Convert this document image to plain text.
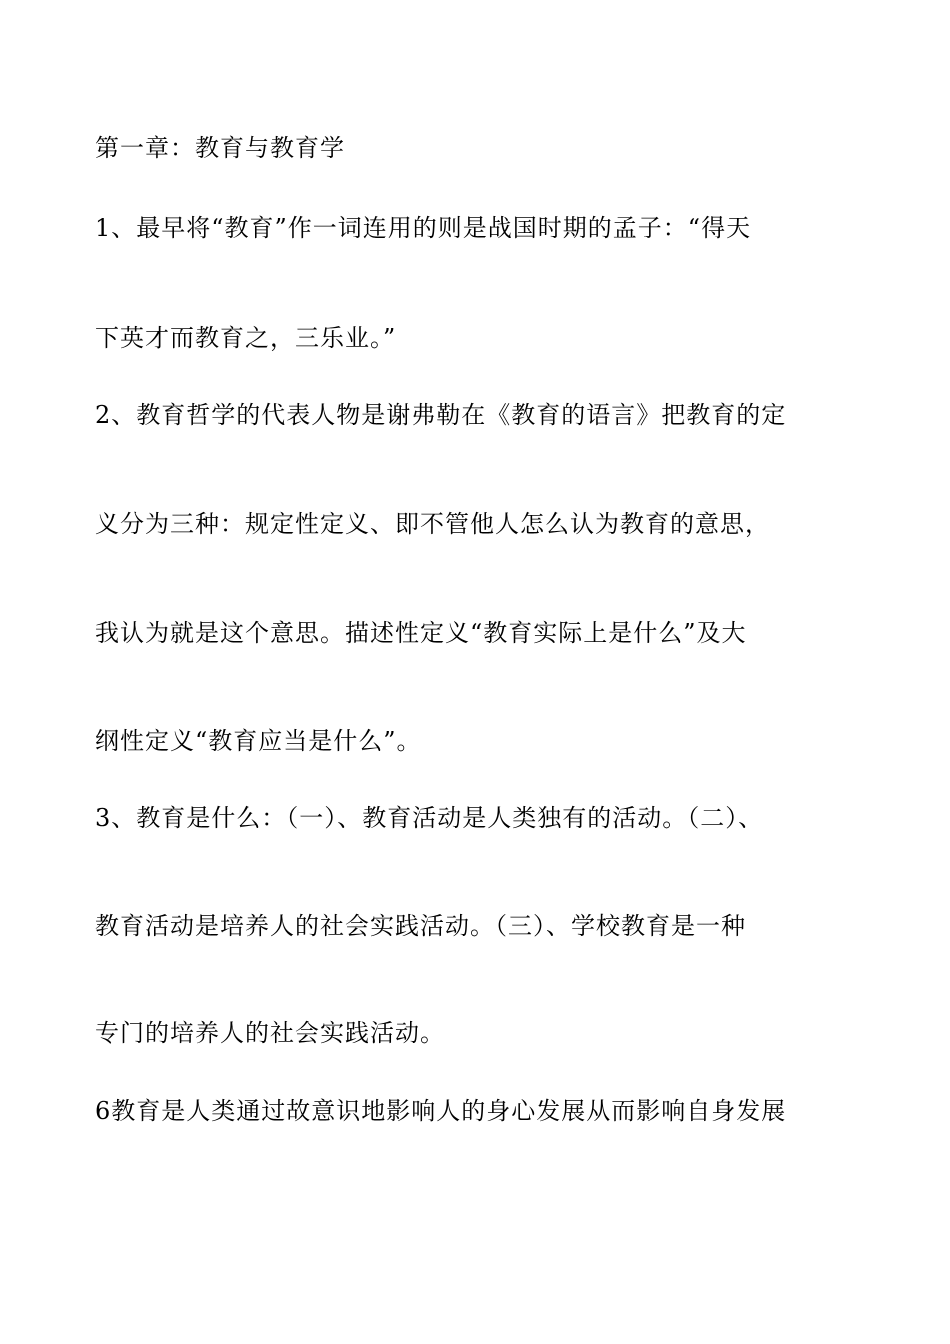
第一章：教育与教育学
1、最早将“教育”作一词连用的则是战国时期的孟子：“得天
下英才而教育之，三乐业。”
2、教育哲学的代表人物是谢弗勒在《教育的语言》把教育的定
义分为三种：规定性定义、即不管他人怎么认为教育的意思，
我认为就是这个意思。描述性定义“教育实际上是什么”及大
纲性定义“教育应当是什么”。
3、教育是什么：（一）、教育活动是人类独有的活动。（二）、
教育活动是培养人的社会实践活动。（三）、学校教育是一种
专门的培养人的社会实践活动。
6教育是人类通过故意识地影响人的身心发展从而影响自身发展
